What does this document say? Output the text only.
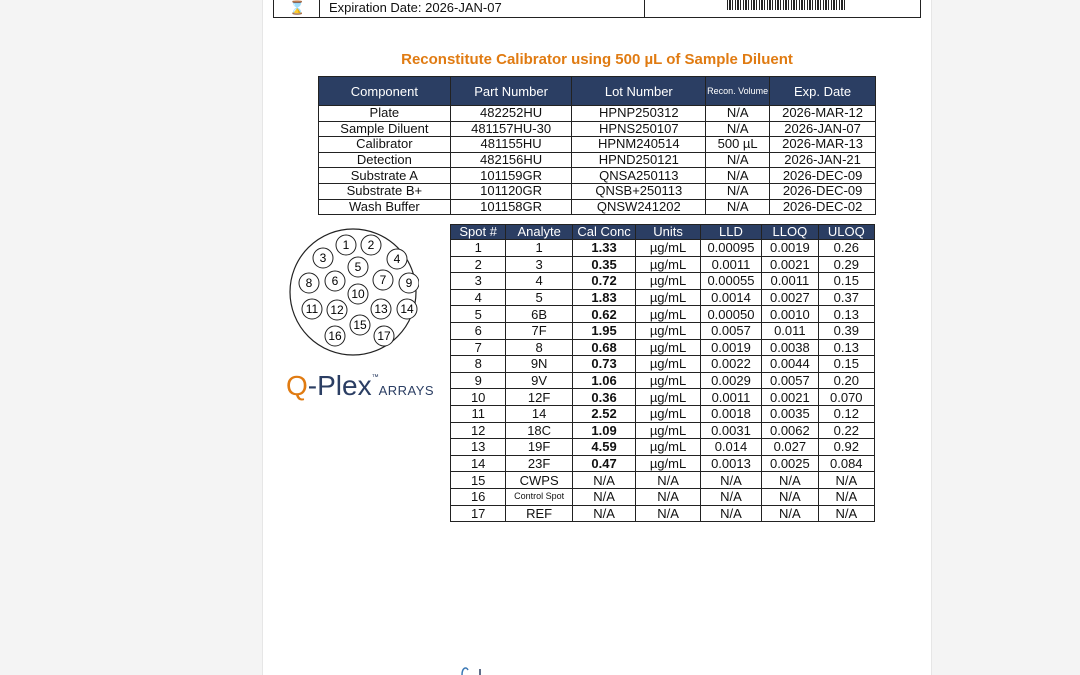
⌛ Expiration Date: 2026-JAN-07
Reconstitute Calibrator using 500 µL of Sample Diluent
Component	Part Number	Lot Number	Recon. Volume	Exp. Date
Plate	482252HU	HPNP250312	N/A	2026-MAR-12
Sample Diluent	481157HU-30	HPNS250107	N/A	2026-JAN-07
Calibrator	481155HU	HPNM240514	500 µL	2026-MAR-13
Detection	482156HU	HPND250121	N/A	2026-JAN-21
Substrate A	101159GR	QNSA250113	N/A	2026-DEC-09
Substrate B+	101120GR	QNSB+250113	N/A	2026-DEC-09
Wash Buffer	101158GR	QNSW241202	N/A	2026-DEC-02
1 2
3	4
5
6	7
8	9
10
11 12	13 14
15
16	17
Q-Plex™ARRAYS
Spot #	Analyte	Cal Conc	Units	LLD	LLOQ	ULOQ
1	1	1.33	µg/mL	0.00095	0.0019	0.26
2	3	0.35	µg/mL	0.0011	0.0021	0.29
3	4	0.72	µg/mL	0.00055	0.0011	0.15
4	5	1.83	µg/mL	0.0014	0.0027	0.37
5	6B	0.62	µg/mL	0.00050	0.0010	0.13
6	7F	1.95	µg/mL	0.0057	0.011	0.39
7	8	0.68	µg/mL	0.0019	0.0038	0.13
8	9N	0.73	µg/mL	0.0022	0.0044	0.15
9	9V	1.06	µg/mL	0.0029	0.0057	0.20
10	12F	0.36	µg/mL	0.0011	0.0021	0.070
11	14	2.52	µg/mL	0.0018	0.0035	0.12
12	18C	1.09	µg/mL	0.0031	0.0062	0.22
13	19F	4.59	µg/mL	0.014	0.027	0.92
14	23F	0.47	µg/mL	0.0013	0.0025	0.084
15	CWPS	N/A	N/A	N/A	N/A	N/A
16	Control Spot	N/A	N/A	N/A	N/A	N/A
17	REF	N/A	N/A	N/A	N/A	N/A
